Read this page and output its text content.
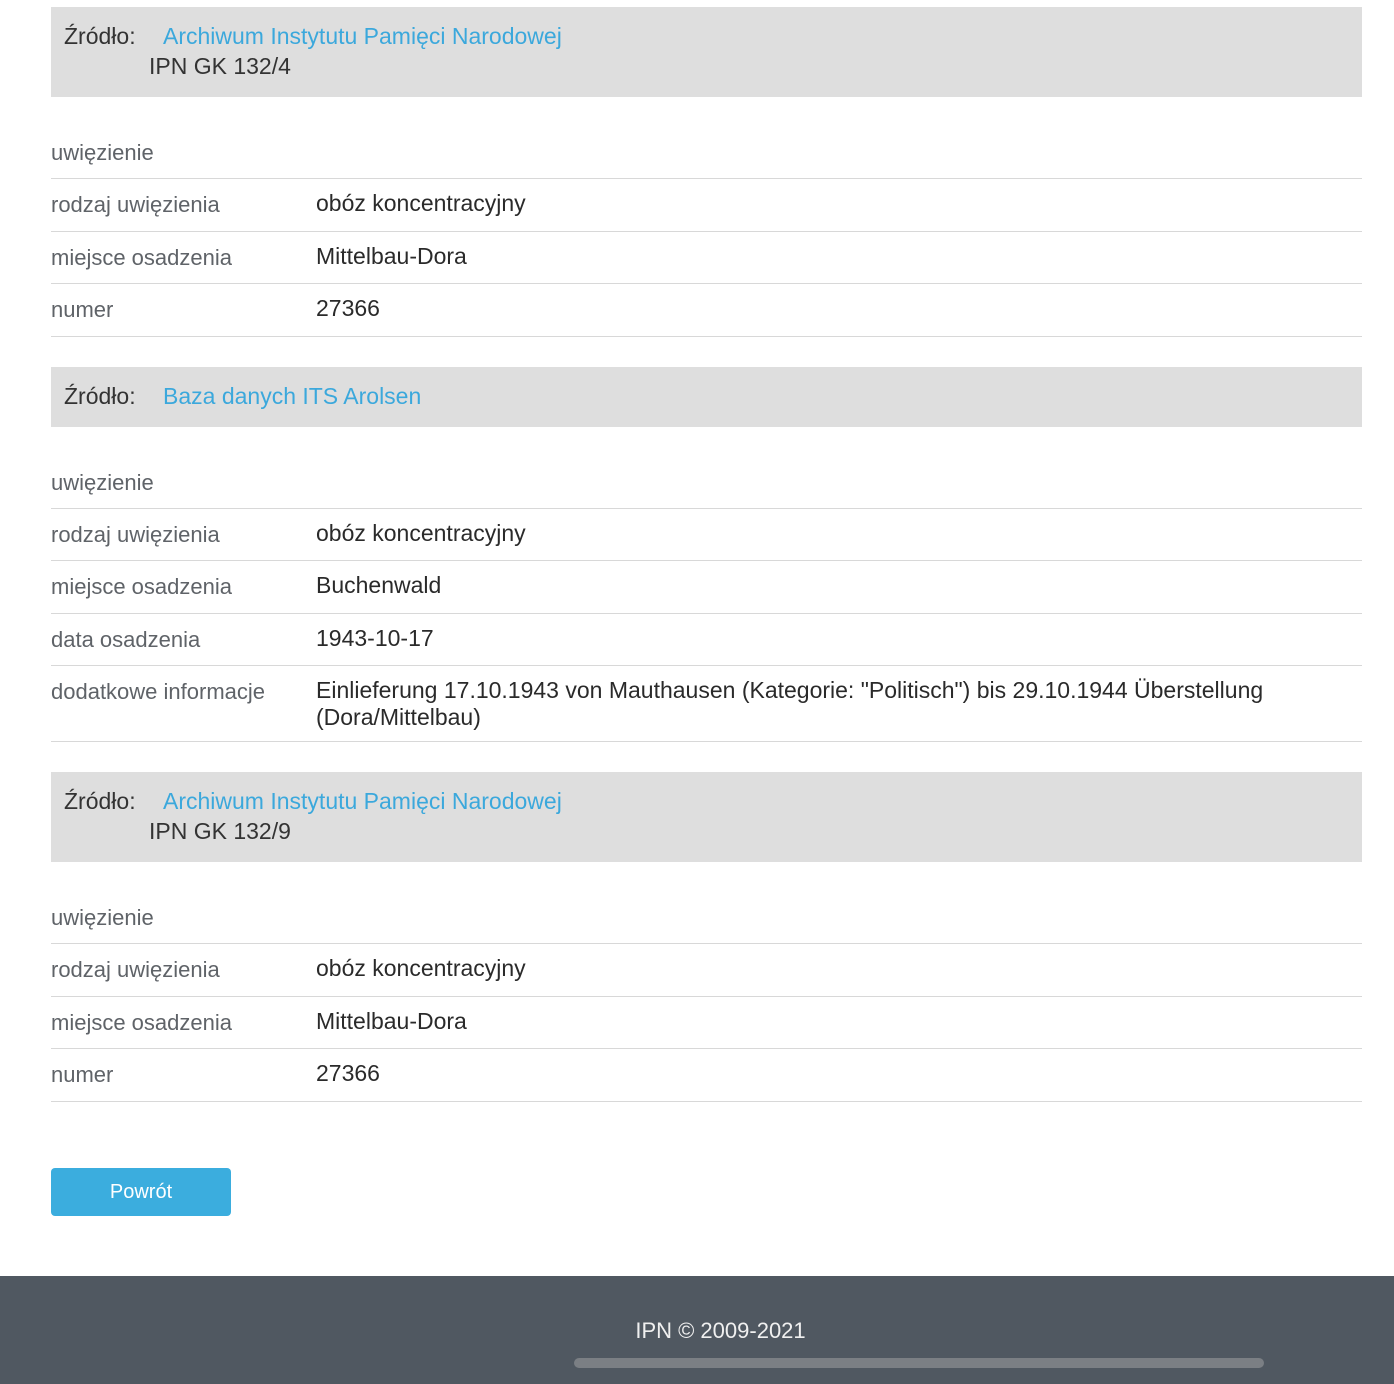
Źródło: Archiwum Instytutu Pamięci Narodowej
IPN GK 132/4
uwięzienie
rodzaj uwięzienia	obóz koncentracyjny
miejsce osadzenia	Mittelbau-Dora
numer	27366
Źródło: Baza danych ITS Arolsen
uwięzienie
rodzaj uwięzienia	obóz koncentracyjny
miejsce osadzenia	Buchenwald
data osadzenia	1943-10-17
dodatkowe informacje	Einlieferung 17.10.1943 von Mauthausen (Kategorie: "Politisch") bis 29.10.1944 Überstellung (Dora/Mittelbau)
Źródło: Archiwum Instytutu Pamięci Narodowej
IPN GK 132/9
uwięzienie
rodzaj uwięzienia	obóz koncentracyjny
miejsce osadzenia	Mittelbau-Dora
numer	27366
Powrót
IPN © 2009-2021
